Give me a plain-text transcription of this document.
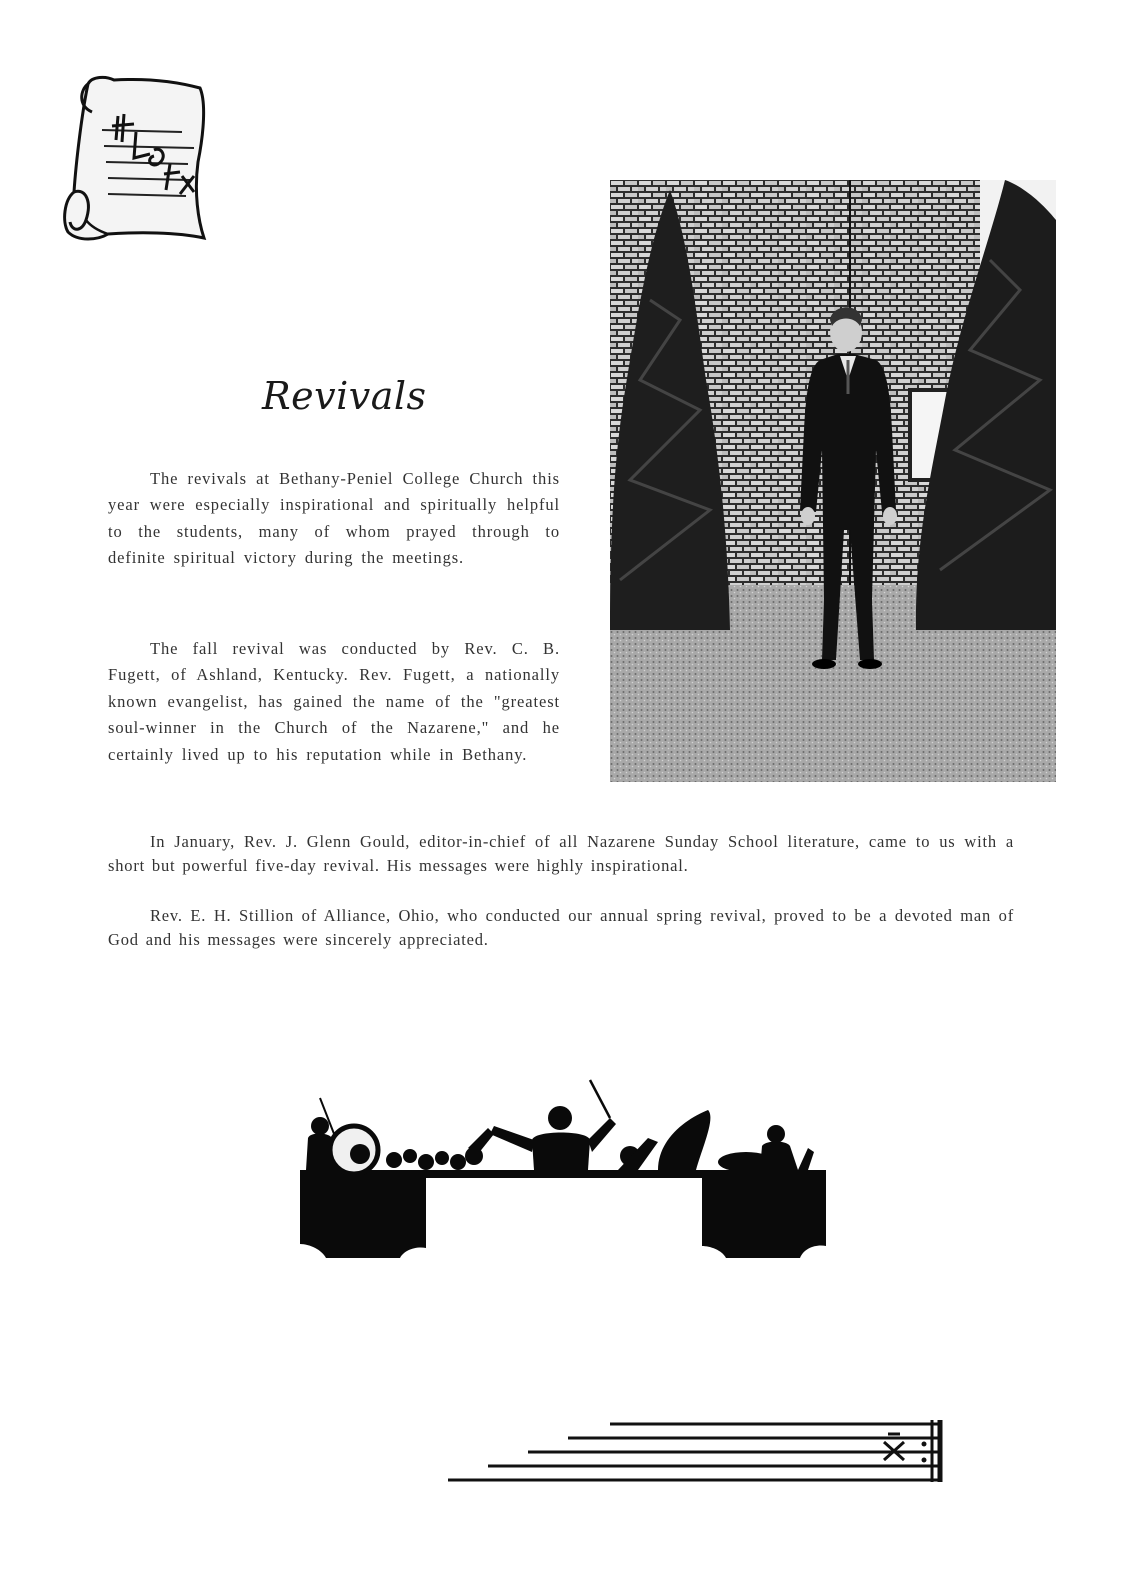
Revivals
The revivals at Bethany-Peniel College Church this year were especially inspirational and spiritually helpful to the students, many of whom prayed through to definite spiritual victory during the meetings.
The fall revival was conducted by Rev. C. B. Fugett, of Ashland, Kentucky. Rev. Fugett, a nationally known evangelist, has gained the name of the "greatest soul-winner in the Church of the Nazarene," and he certainly lived up to his reputation while in Bethany.
In January, Rev. J. Glenn Gould, editor-in-chief of all Nazarene Sunday School literature, came to us with a short but powerful five-day revival. His messages were highly inspirational.
Rev. E. H. Stillion of Alliance, Ohio, who conducted our annual spring revival, proved to be a devoted man of God and his messages were sincerely appreciated.
